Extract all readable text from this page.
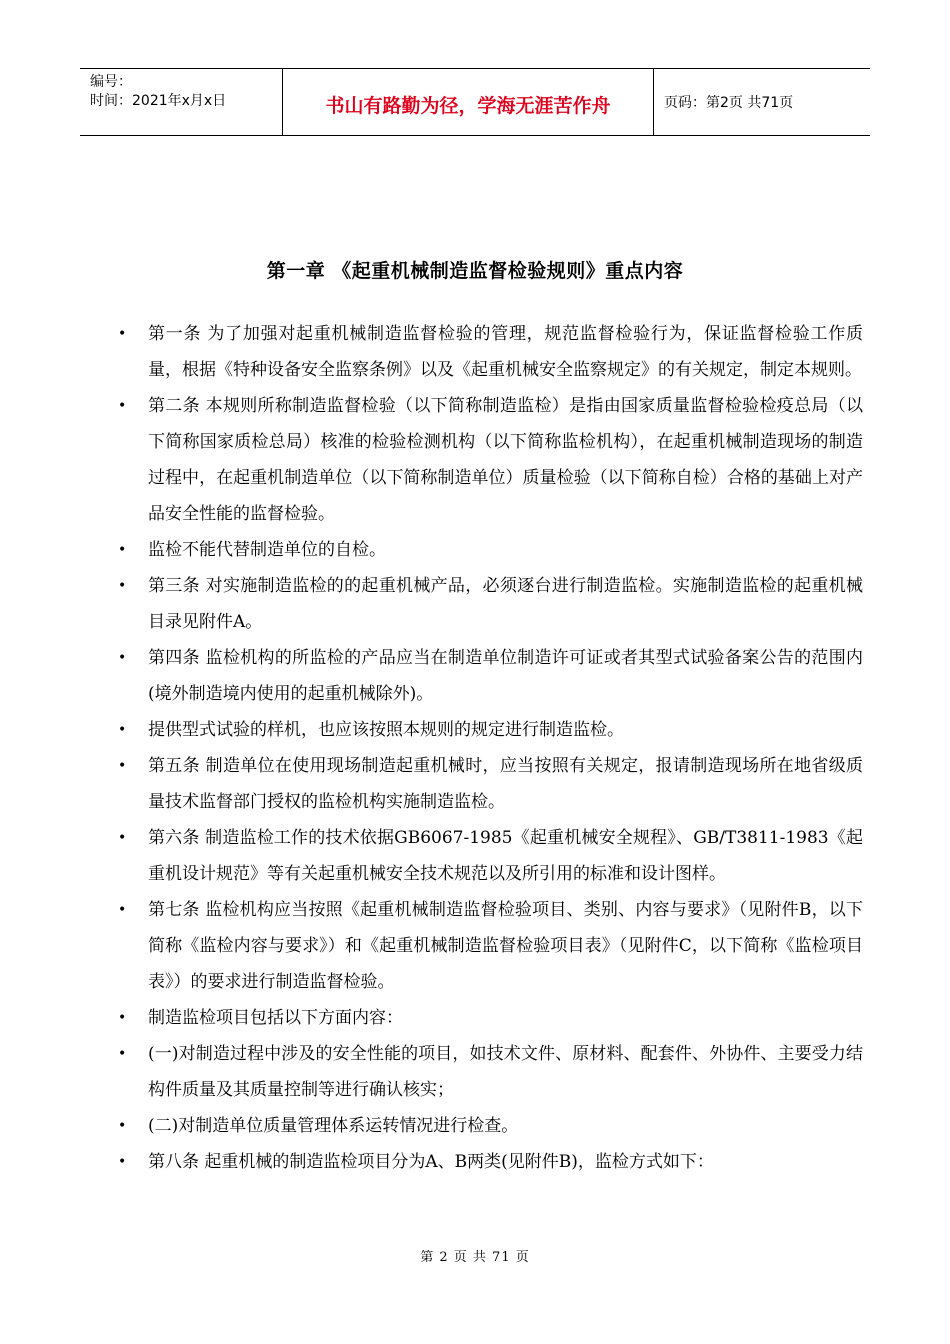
编号：
时间：2021年x月x日	书山有路勤为径，学海无涯苦作舟	页码：第2页 共71页
第一章 《起重机械制造监督检验规则》重点内容
• 第一条 为了加强对起重机械制造监督检验的管理，规范监督检验行为，保证监督检验工作质量，根据《特种设备安全监察条例》以及《起重机械安全监察规定》的有关规定，制定本规则。
• 第二条 本规则所称制造监督检验（以下简称制造监检）是指由国家质量监督检验检疫总局（以下简称国家质检总局）核准的检验检测机构（以下简称监检机构），在起重机械制造现场的制造过程中，在起重机制造单位（以下简称制造单位）质量检验（以下简称自检）合格的基础上对产品安全性能的监督检验。
• 监检不能代替制造单位的自检。
• 第三条 对实施制造监检的的起重机械产品，必须逐台进行制造监检。实施制造监检的起重机械目录见附件A。
• 第四条 监检机构的所监检的产品应当在制造单位制造许可证或者其型式试验备案公告的范围内(境外制造境内使用的起重机械除外)。
• 提供型式试验的样机，也应该按照本规则的规定进行制造监检。
• 第五条 制造单位在使用现场制造起重机械时，应当按照有关规定，报请制造现场所在地省级质量技术监督部门授权的监检机构实施制造监检。
• 第六条 制造监检工作的技术依据GB6067-1985《起重机械安全规程》、GB/T3811-1983《起重机设计规范》等有关起重机械安全技术规范以及所引用的标准和设计图样。
• 第七条 监检机构应当按照《起重机械制造监督检验项目、类别、内容与要求》（见附件B，以下简称《监检内容与要求》）和《起重机械制造监督检验项目表》（见附件C，以下简称《监检项目表》）的要求进行制造监督检验。
• 制造监检项目包括以下方面内容：
• (一)对制造过程中涉及的安全性能的项目，如技术文件、原材料、配套件、外协件、主要受力结构件质量及其质量控制等进行确认核实；
• (二)对制造单位质量管理体系运转情况进行检查。
• 第八条 起重机械的制造监检项目分为A、B两类(见附件B)，监检方式如下：
第 2 页 共 71 页
